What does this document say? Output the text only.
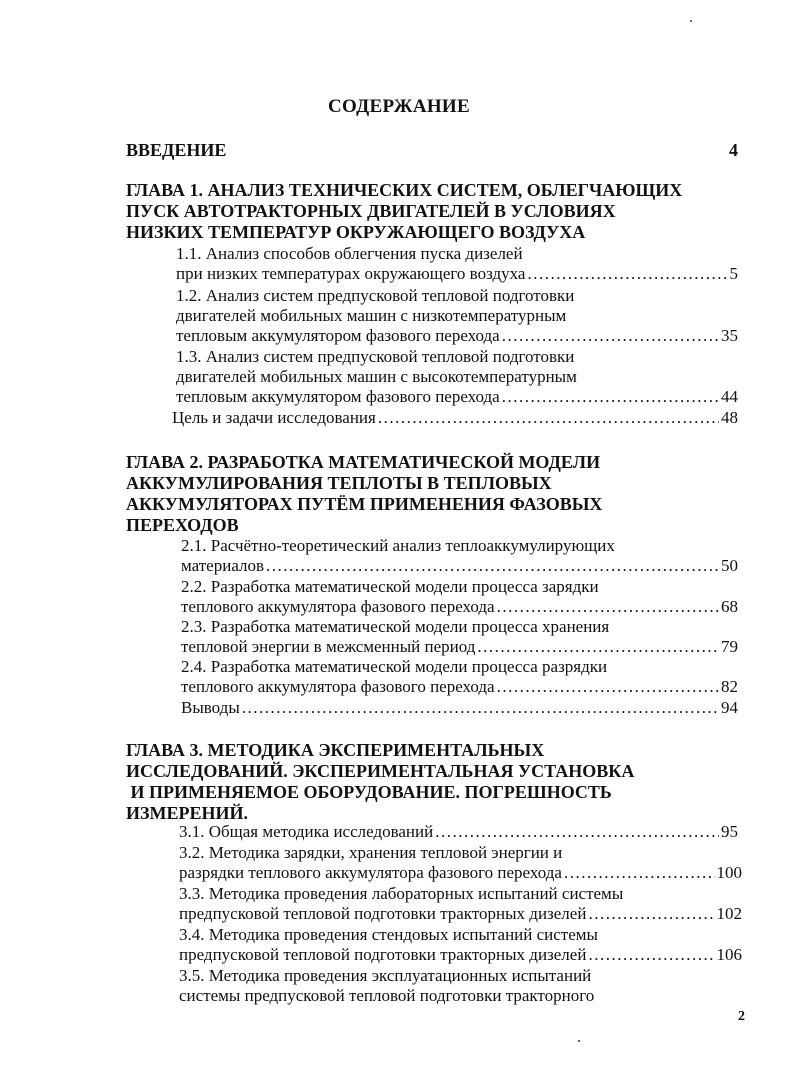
СОДЕРЖАНИЕ
ВВЕДЕНИЕ	4
ГЛАВА 1. АНАЛИЗ ТЕХНИЧЕСКИХ СИСТЕМ, ОБЛЕГЧАЮЩИХ
ПУСК АВТОТРАКТОРНЫХ ДВИГАТЕЛЕЙ В УСЛОВИЯХ
НИЗКИХ ТЕМПЕРАТУР ОКРУЖАЮЩЕГО ВОЗДУХА
1.1. Анализ способов облегчения пуска дизелей
при низких температурах окружающего воздуха .....	5
1.2. Анализ систем предпусковой тепловой подготовки
двигателей мобильных машин с низкотемпературным
тепловым аккумулятором фазового перехода .....	35
1.3. Анализ систем предпусковой тепловой подготовки
двигателей мобильных машин с высокотемпературным
тепловым аккумулятором фазового перехода .....	44
Цель и задачи исследования .....	48
ГЛАВА 2. РАЗРАБОТКА МАТЕМАТИЧЕСКОЙ МОДЕЛИ
АККУМУЛИРОВАНИЯ ТЕПЛОТЫ В ТЕПЛОВЫХ
АККУМУЛЯТОРАХ ПУТЁМ ПРИМЕНЕНИЯ ФАЗОВЫХ
ПЕРЕХОДОВ
2.1. Расчётно-теоретический анализ теплоаккумулирующих
материалов .....	50
2.2. Разработка математической модели процесса зарядки
теплового аккумулятора фазового перехода .....	68
2.3. Разработка математической модели процесса хранения
тепловой энергии в межсменный период .....	79
2.4. Разработка математической модели процесса разрядки
теплового аккумулятора фазового перехода .....	82
Выводы .....	94
ГЛАВА 3. МЕТОДИКА ЭКСПЕРИМЕНТАЛЬНЫХ
ИССЛЕДОВАНИЙ. ЭКСПЕРИМЕНТАЛЬНАЯ УСТАНОВКА
И ПРИМЕНЯЕМОЕ ОБОРУДОВАНИЕ. ПОГРЕШНОСТЬ
ИЗМЕРЕНИЙ.
3.1. Общая методика исследований .....	95
3.2. Методика зарядки, хранения тепловой энергии и
разрядки теплового аккумулятора фазового перехода .....	100
3.3. Методика проведения лабораторных испытаний системы
предпусковой тепловой подготовки тракторных дизелей .....	102
3.4. Методика проведения стендовых испытаний системы
предпусковой тепловой подготовки тракторных дизелей .....	106
3.5. Методика проведения эксплуатационных испытаний
системы предпусковой тепловой подготовки тракторного
2
